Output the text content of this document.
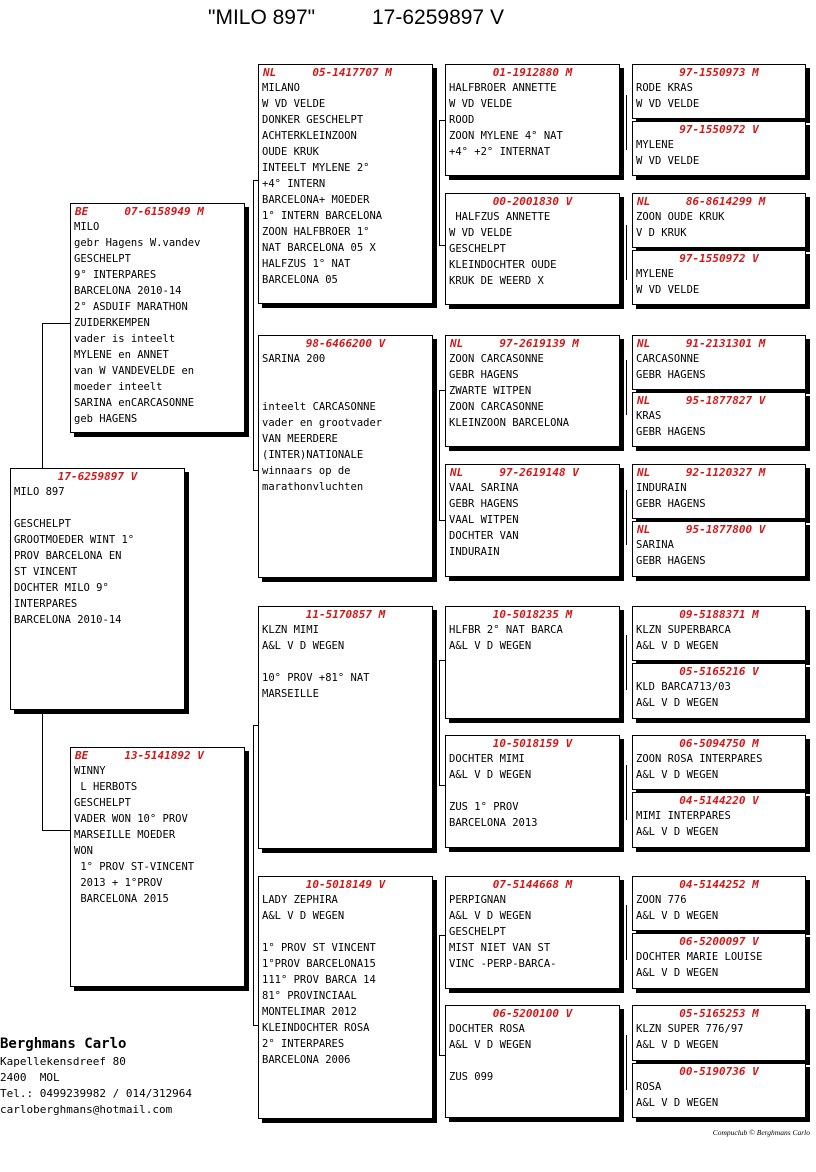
"MILO 897"	17-6259897 V
17-6259897 V
MILO 897

GESCHELPT
GROOTMOEDER WINT 1°
PROV BARCELONA EN
ST VINCENT
DOCHTER MILO 9°
INTERPARES
BARCELONA 2010-14
BE	07-6158949 M
MILO
gebr Hagens W.vandev
GESCHELPT
9° INTERPARES
BARCELONA 2010-14
2° ASDUIF MARATHON
ZUIDERKEMPEN
vader is inteelt
MYLENE en ANNET
van W VANDEVELDE en
moeder inteelt
SARINA enCARCASONNE
geb HAGENS
BE	13-5141892 V
WINNY
L HERBOTS
GESCHELPT
VADER WON 10° PROV
MARSEILLE MOEDER
WON
1° PROV ST-VINCENT
2013 + 1°PROV
BARCELONA 2015
NL	05-1417707 M
MILANO
W VD VELDE
DONKER GESCHELPT
ACHTERKLEINZOON
OUDE KRUK
INTEELT MYLENE 2°
+4° INTERN
BARCELONA+ MOEDER
1° INTERN BARCELONA
ZOON HALFBROER 1°
NAT BARCELONA 05 X
HALFZUS 1° NAT
BARCELONA 05
98-6466200 V
SARINA 200

inteelt CARCASONNE
vader en grootvader
VAN MEERDERE
(INTER)NATIONALE
winnaars op de
marathonvluchten
11-5170857 M
KLZN MIMI
A&L V D WEGEN

10° PROV +81° NAT
MARSEILLE
10-5018149 V
LADY ZEPHIRA
A&L V D WEGEN

1° PROV ST VINCENT
1°PROV BARCELONA15
111° PROV BARCA 14
81° PROVINCIAAL
MONTELIMAR 2012
KLEINDOCHTER ROSA
2° INTERPARES
BARCELONA 2006
01-1912880 M
HALFBROER ANNETTE
W VD VELDE
ROOD
ZOON MYLENE 4° NAT
+4° +2° INTERNAT
00-2001830 V
HALFZUS ANNETTE
W VD VELDE
GESCHELPT
KLEINDOCHTER OUDE
KRUK DE WEERD X
NL	97-2619139 M
ZOON CARCASONNE
GEBR HAGENS
ZWARTE WITPEN
ZOON CARCASONNE
KLEINZOON BARCELONA
NL	97-2619148 V
VAAL SARINA
GEBR HAGENS
VAAL WITPEN
DOCHTER VAN
INDURAIN
10-5018235 M
HLFBR 2° NAT BARCA
A&L V D WEGEN
10-5018159 V
DOCHTER MIMI
A&L V D WEGEN

ZUS 1° PROV
BARCELONA 2013
07-5144668 M
PERPIGNAN
A&L V D WEGEN
GESCHELPT
MIST NIET VAN ST
VINC -PERP-BARCA-
06-5200100 V
DOCHTER ROSA
A&L V D WEGEN

ZUS 099
97-1550973 M
RODE KRAS
W VD VELDE
97-1550972 V
MYLENE
W VD VELDE
NL	86-8614299 M
ZOON OUDE KRUK
V D KRUK
97-1550972 V
MYLENE
W VD VELDE
NL	91-2131301 M
CARCASONNE
GEBR HAGENS
NL	95-1877827 V
KRAS
GEBR HAGENS
NL	92-1120327 M
INDURAIN
GEBR HAGENS
NL	95-1877800 V
SARINA
GEBR HAGENS
09-5188371 M
KLZN SUPERBARCA
A&L V D WEGEN
05-5165216 V
KLD BARCA713/03
A&L V D WEGEN
06-5094750 M
ZOON ROSA INTERPARES
A&L V D WEGEN
04-5144220 V
MIMI INTERPARES
A&L V D WEGEN
04-5144252 M
ZOON 776
A&L V D WEGEN
06-5200097 V
DOCHTER MARIE LOUISE
A&L V D WEGEN
05-5165253 M
KLZN SUPER 776/97
A&L V D WEGEN
00-5190736 V
ROSA
A&L V D WEGEN
Berghmans Carlo
Kapellekensdreef 80
2400  MOL
Tel.: 0499239982 / 014/312964
carloberghmans@hotmail.com
Compuclub © Berghmans Carlo
